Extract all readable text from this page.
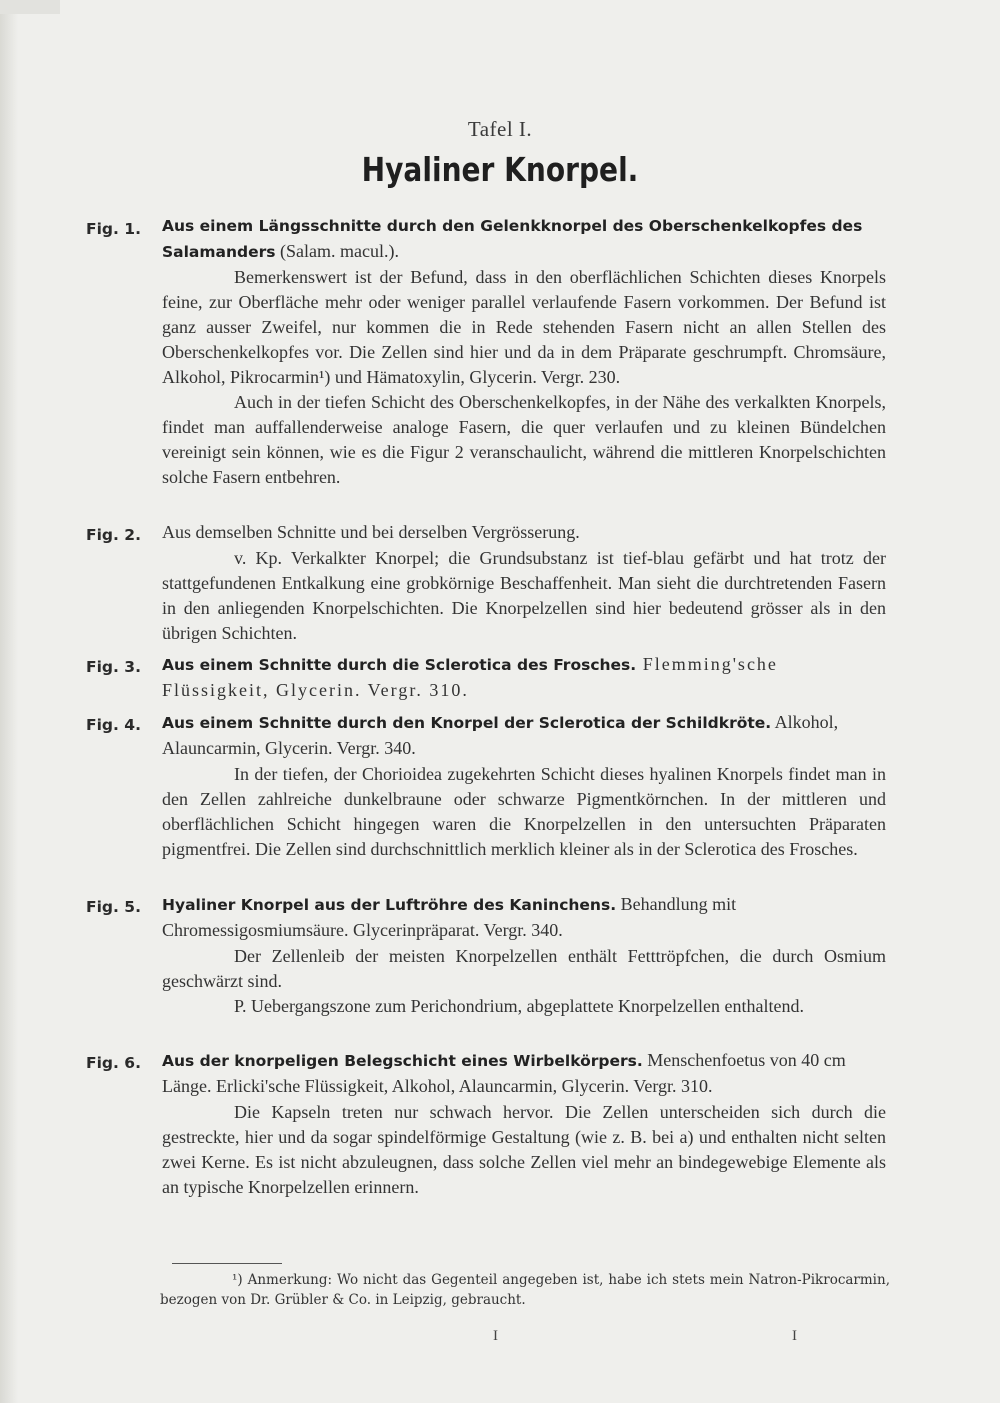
Tafel I.
Hyaliner Knorpel.
Fig. 1.	Aus einem Längsschnitte durch den Gelenkknorpel des Oberschenkelkopfes des Salamanders (Salam. macul.).

Bemerkenswert ist der Befund, dass in den oberflächlichen Schichten dieses Knorpels feine, zur Oberfläche mehr oder weniger parallel verlaufende Fasern vorkommen. Der Befund ist ganz ausser Zweifel, nur kommen die in Rede stehenden Fasern nicht an allen Stellen des Oberschenkelkopfes vor. Die Zellen sind hier und da in dem Präparate geschrumpft. Chromsäure, Alkohol, Pikrocarmin¹) und Hämatoxylin, Glycerin. Vergr. 230.

Auch in der tiefen Schicht des Oberschenkelkopfes, in der Nähe des verkalkten Knorpels, findet man auffallenderweise analoge Fasern, die quer verlaufen und zu kleinen Bündelchen vereinigt sein können, wie es die Figur 2 veranschaulicht, während die mittleren Knorpelschichten solche Fasern entbehren.

Fig. 2.	Aus demselben Schnitte und bei derselben Vergrösserung.

v. Kp. Verkalkter Knorpel; die Grundsubstanz ist tief-blau gefärbt und hat trotz der stattgefundenen Entkalkung eine grobkörnige Beschaffenheit. Man sieht die durchtretenden Fasern in den anliegenden Knorpelschichten. Die Knorpelzellen sind hier bedeutend grösser als in den übrigen Schichten.

Fig. 3.	Aus einem Schnitte durch die Sclerotica des Frosches. Flemming'sche Flüssigkeit, Glycerin. Vergr. 310.
Fig. 4.	Aus einem Schnitte durch den Knorpel der Sclerotica der Schildkröte. Alkohol, Alauncarmin, Glycerin. Vergr. 340.

In der tiefen, der Chorioidea zugekehrten Schicht dieses hyalinen Knorpels findet man in den Zellen zahlreiche dunkelbraune oder schwarze Pigmentkörnchen. In der mittleren und oberflächlichen Schicht hingegen waren die Knorpelzellen in den untersuchten Präparaten pigmentfrei. Die Zellen sind durchschnittlich merklich kleiner als in der Sclerotica des Frosches.

Fig. 5.	Hyaliner Knorpel aus der Luftröhre des Kaninchens. Behandlung mit Chromessigosmiumsäure. Glycerinpräparat. Vergr. 340.

Der Zellenleib der meisten Knorpelzellen enthält Fetttröpfchen, die durch Osmium geschwärzt sind.

P. Uebergangszone zum Perichondrium, abgeplattete Knorpelzellen enthaltend.

Fig. 6.	Aus der knorpeligen Belegschicht eines Wirbelkörpers. Menschenfoetus von 40 cm Länge. Erlicki'sche Flüssigkeit, Alkohol, Alauncarmin, Glycerin. Vergr. 310.

Die Kapseln treten nur schwach hervor. Die Zellen unterscheiden sich durch die gestreckte, hier und da sogar spindelförmige Gestaltung (wie z. B. bei a) und enthalten nicht selten zwei Kerne. Es ist nicht abzuleugnen, dass solche Zellen viel mehr an bindegewebige Elemente als an typische Knorpelzellen erinnern.

¹) Anmerkung: Wo nicht das Gegenteil angegeben ist, habe ich stets mein Natron-Pikrocarmin, bezogen von Dr. Grübler & Co. in Leipzig, gebraucht.
I	I
